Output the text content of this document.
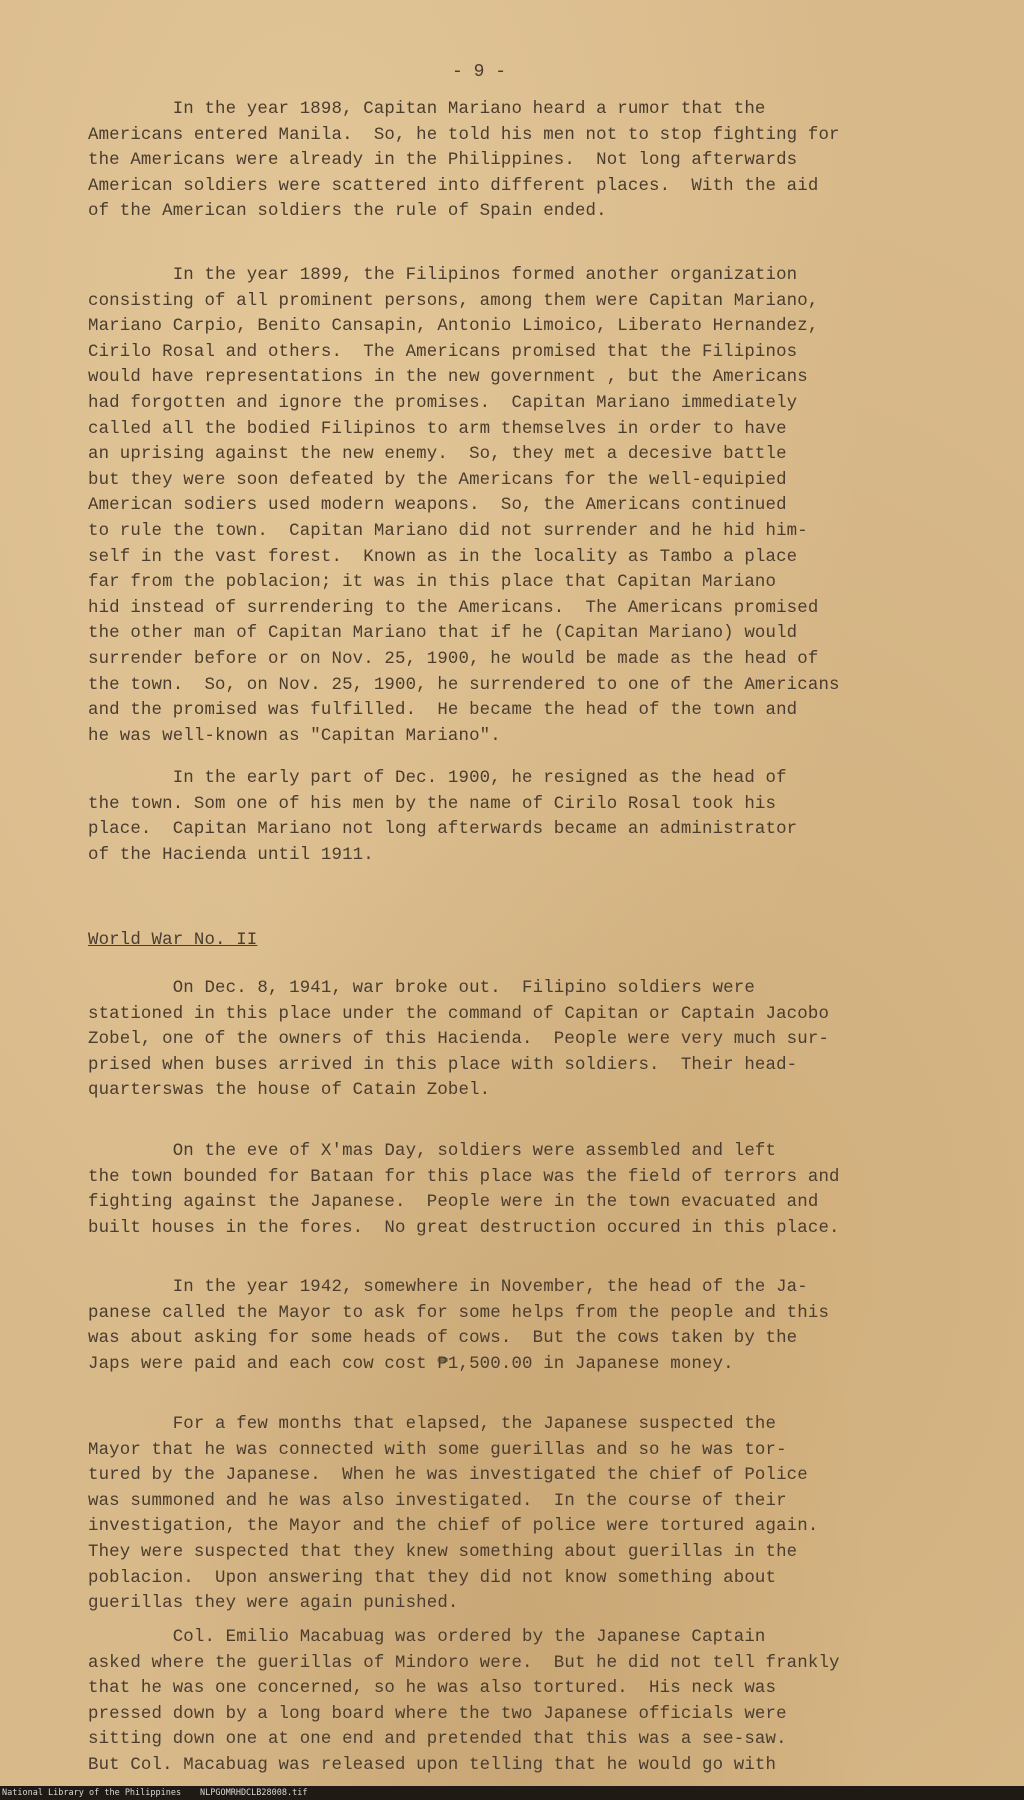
- 9 -
In the year 1898, Capitan Mariano heard a rumor that the
Americans entered Manila.  So, he told his men not to stop fighting for
the Americans were already in the Philippines.  Not long afterwards
American soldiers were scattered into different places.  With the aid
of the American soldiers the rule of Spain ended.
In the year 1899, the Filipinos formed another organization
consisting of all prominent persons, among them were Capitan Mariano,
Mariano Carpio, Benito Cansapin, Antonio Limoico, Liberato Hernandez,
Cirilo Rosal and others.  The Americans promised that the Filipinos
would have representations in the new government , but the Americans
had forgotten and ignore the promises.  Capitan Mariano immediately
called all the bodied Filipinos to arm themselves in order to have
an uprising against the new enemy.  So, they met a decesive battle
but they were soon defeated by the Americans for the well-equipied
American sodiers used modern weapons.  So, the Americans continued
to rule the town.  Capitan Mariano did not surrender and he hid him-
self in the vast forest.  Known as in the locality as Tambo a place
far from the poblacion; it was in this place that Capitan Mariano
hid instead of surrendering to the Americans.  The Americans promised
the other man of Capitan Mariano that if he (Capitan Mariano) would
surrender before or on Nov. 25, 1900, he would be made as the head of
the town.  So, on Nov. 25, 1900, he surrendered to one of the Americans
and the promised was fulfilled.  He became the head of the town and
he was well-known as "Capitan Mariano".
In the early part of Dec. 1900, he resigned as the head of
the town. Som one of his men by the name of Cirilo Rosal took his
place.  Capitan Mariano not long afterwards became an administrator
of the Hacienda until 1911.
World War No. II
On Dec. 8, 1941, war broke out.  Filipino soldiers were
stationed in this place under the command of Capitan or Captain Jacobo
Zobel, one of the owners of this Hacienda.  People were very much sur-
prised when buses arrived in this place with soldiers.  Their head-
quarterswas the house of Catain Zobel.
On the eve of X'mas Day, soldiers were assembled and left
the town bounded for Bataan for this place was the field of terrors and
fighting against the Japanese.  People were in the town evacuated and
built houses in the fores.  No great destruction occured in this place.
In the year 1942, somewhere in November, the head of the Ja-
panese called the Mayor to ask for some helps from the people and this
was about asking for some heads of cows.  But the cows taken by the
Japs were paid and each cow cost ₱1,500.00 in Japanese money.
For a few months that elapsed, the Japanese suspected the
Mayor that he was connected with some guerillas and so he was tor-
tured by the Japanese.  When he was investigated the chief of Police
was summoned and he was also investigated.  In the course of their
investigation, the Mayor and the chief of police were tortured again.
They were suspected that they knew something about guerillas in the
poblacion.  Upon answering that they did not know something about
guerillas they were again punished.
Col. Emilio Macabuag was ordered by the Japanese Captain
asked where the guerillas of Mindoro were.  But he did not tell frankly
that he was one concerned, so he was also tortured.  His neck was
pressed down by a long board where the two Japanese officials were
sitting down one at one end and pretended that this was a see-saw.
But Col. Macabuag was released upon telling that he would go with
National Library of the Philippines NLPGOMRHDCLB28008.tif
